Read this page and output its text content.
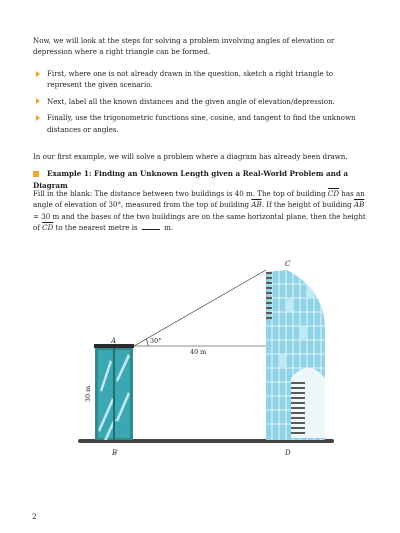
Now, we will look at the steps for solving a problem involving angles of elevation or depression where a right triangle can be formed.

First, where one is not already drawn in the question, sketch a right triangle to represent the given scenario.
Next, label all the known distances and the given angle of elevation/depression.
Finally, use the trigonometric functions sine, cosine, and tangent to find the unknown distances or angles.

In our first example, we will solve a problem where a diagram has already been drawn.

Example 1: Finding an Unknown Length given a Real-World Problem and a Diagram

Fill in the blank: The distance between two buildings is 40 m. The top of building $\overline{CD}$ has an angle of elevation of 30°, measured from the top of building $\overline{AB}$. If the height of building $\overline{AB} = 30$ m and the bases of the two buildings are on the same horizontal plane, then the height of $\overline{CD}$ to the nearest metre is	m.

A
C
B	D
30°
40 m
30 m
2
